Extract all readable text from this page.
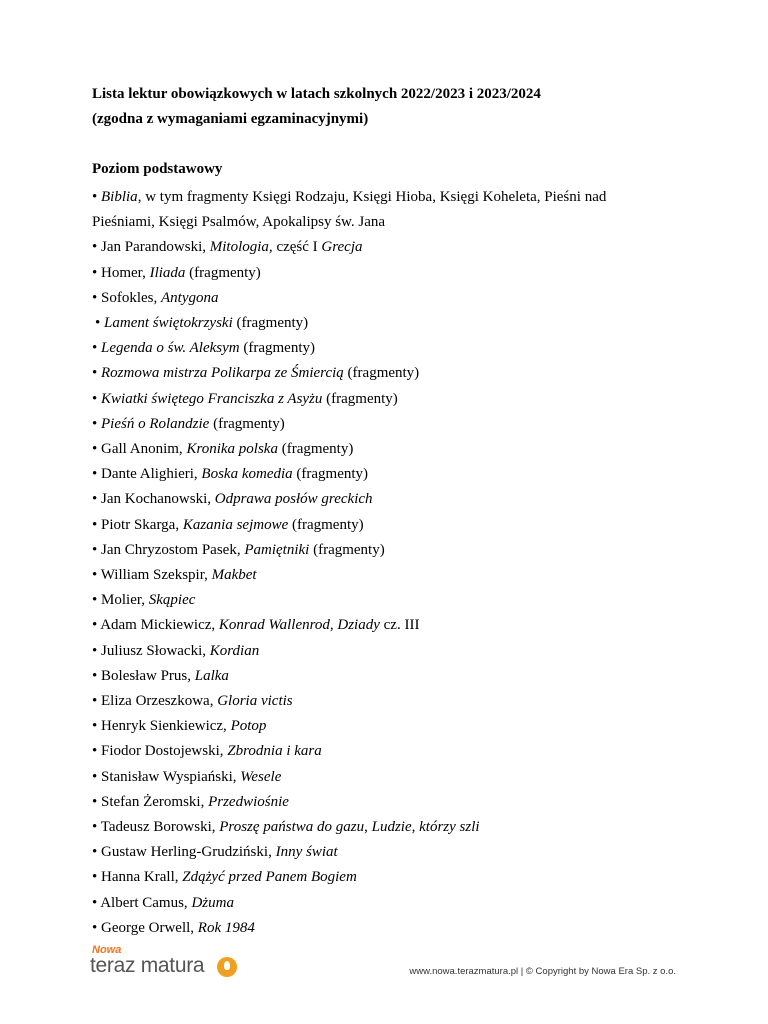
Lista lektur obowiązkowych w latach szkolnych 2022/2023 i 2023/2024
(zgodna z wymaganiami egzaminacyjnymi)
Poziom podstawowy
• Biblia, w tym fragmenty Księgi Rodzaju, Księgi Hioba, Księgi Koheleta, Pieśni nad Pieśniami, Księgi Psalmów, Apokalipsy św. Jana
• Jan Parandowski, Mitologia, część I Grecja
• Homer, Iliada (fragmenty)
• Sofokles, Antygona
• Lament świętokrzyski (fragmenty)
• Legenda o św. Aleksym (fragmenty)
• Rozmowa mistrza Polikarpa ze Śmiercią (fragmenty)
• Kwiatki świętego Franciszka z Asyżu (fragmenty)
• Pieśń o Rolandzie (fragmenty)
• Gall Anonim, Kronika polska (fragmenty)
• Dante Alighieri, Boska komedia (fragmenty)
• Jan Kochanowski, Odprawa posłów greckich
• Piotr Skarga, Kazania sejmowe (fragmenty)
• Jan Chryzostom Pasek, Pamiętniki (fragmenty)
• William Szekspir, Makbet
• Molier, Skąpiec
• Adam Mickiewicz, Konrad Wallenrod, Dziady cz. III
• Juliusz Słowacki, Kordian
• Bolesław Prus, Lalka
• Eliza Orzeszkowa, Gloria victis
• Henryk Sienkiewicz, Potop
• Fiodor Dostojewski, Zbrodnia i kara
• Stanisław Wyspiański, Wesele
• Stefan Żeromski, Przedwiośnie
• Tadeusz Borowski, Proszę państwa do gazu, Ludzie, którzy szli
• Gustaw Herling-Grudziński, Inny świat
• Hanna Krall, Zdążyć przed Panem Bogiem
• Albert Camus, Dżuma
• George Orwell, Rok 1984
Nowa
teraz matura	www.nowa.terazmatura.pl | © Copyright by Nowa Era Sp. z o.o.
